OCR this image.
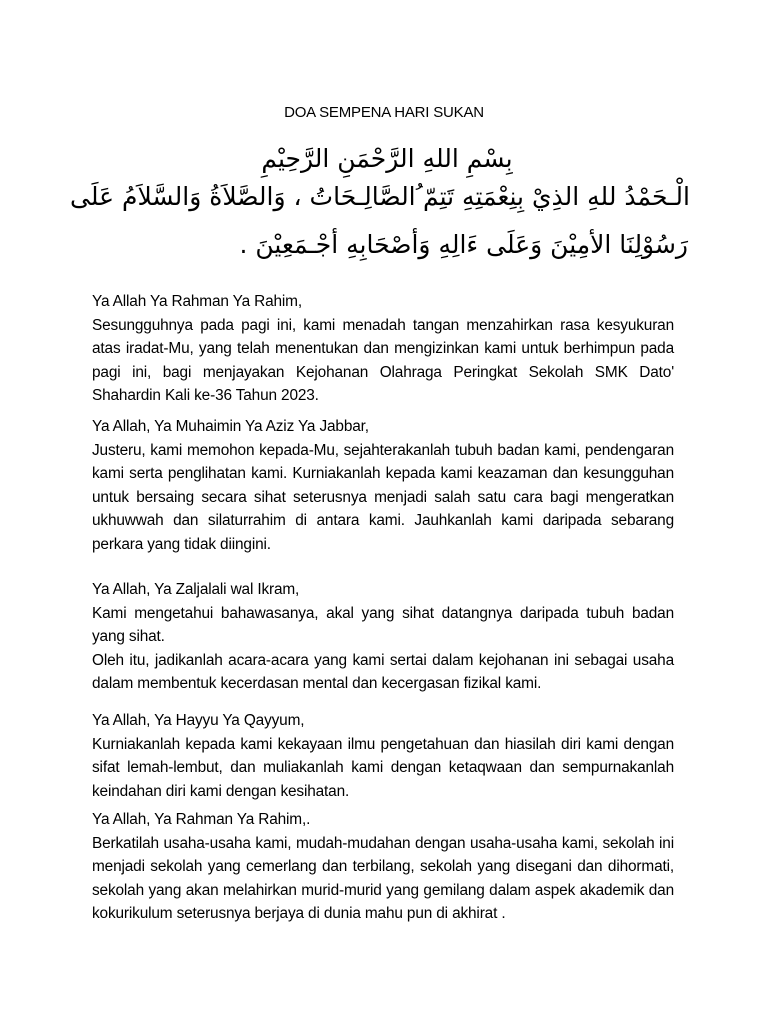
DOA SEMPENA HARI SUKAN
بِسْمِ اللهِ الرَّحْمَنِ الرَّحِيْمِ
الْـحَمْدُ للهِ الذِيْ بِنِعْمَتِهِ تَتِمّ ُالصَّالِـحَاتُ ، وَالصَّلاَةُ وَالسَّلاَمُ عَلَى
رَسُوْلِنَا الأمِيْنَ وَعَلَى ءَالِهِ وَأصْحَابِهِ أجْـمَعِيْنَ .

Ya Allah Ya Rahman Ya Rahim,

Sesungguhnya pada pagi ini, kami menadah tangan menzahirkan rasa kesyukuran atas iradat-Mu, yang telah menentukan dan mengizinkan kami untuk berhimpun pada pagi ini, bagi menjayakan Kejohanan Olahraga Peringkat Sekolah SMK Dato' Shahardin Kali ke-36 Tahun 2023.

Ya Allah, Ya Muhaimin Ya Aziz Ya Jabbar,

Justeru, kami memohon kepada-Mu, sejahterakanlah tubuh badan kami, pendengaran kami serta penglihatan kami. Kurniakanlah kepada kami keazaman dan kesungguhan untuk bersaing secara sihat seterusnya menjadi salah satu cara bagi mengeratkan ukhuwwah dan silaturrahim di antara kami. Jauhkanlah kami daripada sebarang perkara yang tidak diingini.

Ya Allah, Ya Zaljalali wal Ikram,

Kami mengetahui bahawasanya, akal yang sihat datangnya daripada tubuh badan yang sihat.

Oleh itu, jadikanlah acara-acara yang kami sertai dalam kejohanan ini sebagai usaha dalam membentuk kecerdasan mental dan kecergasan fizikal kami.

Ya Allah, Ya Hayyu Ya Qayyum,

Kurniakanlah kepada kami kekayaan ilmu pengetahuan dan hiasilah diri kami dengan sifat lemah-lembut, dan muliakanlah kami dengan ketaqwaan dan sempurnakanlah keindahan diri kami dengan kesihatan.

Ya Allah, Ya Rahman Ya Rahim,.

Berkatilah usaha-usaha kami, mudah-mudahan dengan usaha-usaha kami, sekolah ini menjadi sekolah yang cemerlang dan terbilang, sekolah yang disegani dan dihormati, sekolah yang akan melahirkan murid-murid yang gemilang dalam aspek akademik dan kokurikulum seterusnya berjaya di dunia mahu pun di akhirat .
